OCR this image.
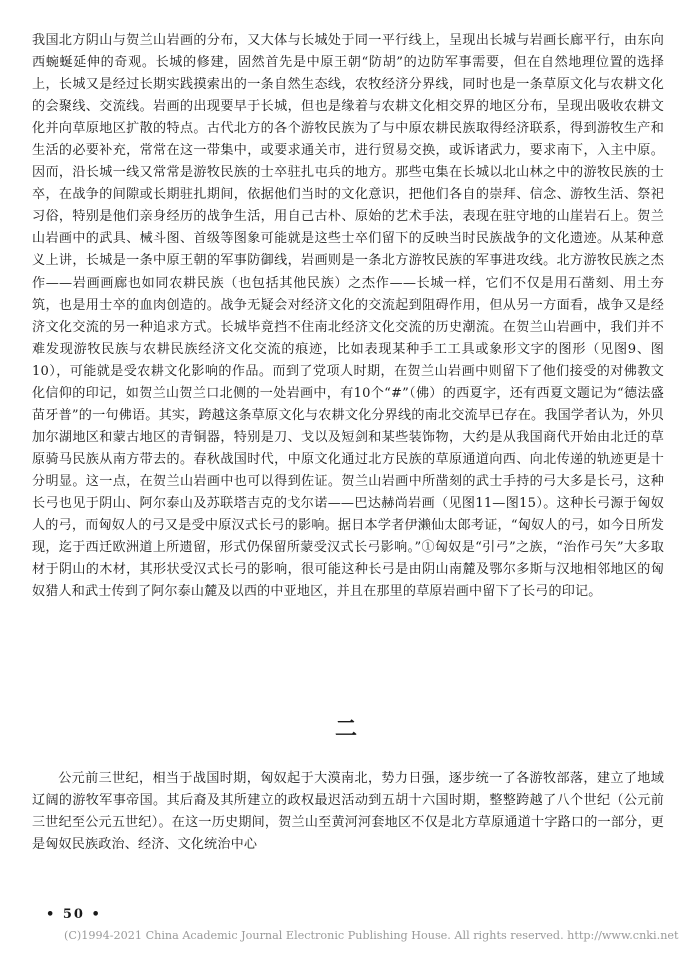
我国北方阴山与贺兰山岩画的分布，又大体与长城处于同一平行线上，呈现出长城与岩画长廊平行，由东向西蜿蜒延伸的奇观。长城的修建，固然首先是中原王朝“防胡”的边防军事需要，但在自然地理位置的选择上，长城又是经过长期实践摸索出的一条自然生态线，农牧经济分界线，同时也是一条草原文化与农耕文化的会聚线、交流线。岩画的出现要早于长城，但也是缘着与农耕文化相交界的地区分布，呈现出吸收农耕文化并向草原地区扩散的特点。古代北方的各个游牧民族为了与中原农耕民族取得经济联系，得到游牧生产和生活的必要补充，常常在这一带集中，或要求通关市，进行贸易交换，或诉诸武力，要求南下，入主中原。因而，沿长城一线又常常是游牧民族的士卒驻扎屯兵的地方。那些屯集在长城以北山林之中的游牧民族的士卒，在战争的间隙或长期驻扎期间，依据他们当时的文化意识，把他们各自的崇拜、信念、游牧生活、祭祀习俗，特别是他们亲身经历的战争生活，用自己古朴、原始的艺术手法，表现在驻守地的山崖岩石上。贺兰山岩画中的武具、械斗图、首级等图象可能就是这些士卒们留下的反映当时民族战争的文化遗迹。从某种意义上讲，长城是一条中原王朝的军事防御线，岩画则是一条北方游牧民族的军事进攻线。北方游牧民族之杰作——岩画画廊也如同农耕民族（也包括其他民族）之杰作——长城一样，它们不仅是用石凿刻、用土夯筑，也是用士卒的血肉创造的。战争无疑会对经济文化的交流起到阻碍作用，但从另一方面看，战争又是经济文化交流的另一种追求方式。长城毕竟挡不住南北经济文化交流的历史潮流。在贺兰山岩画中，我们并不难发现游牧民族与农耕民族经济文化交流的痕迹，比如表现某种手工工具或象形文字的图形（见图9、图10），可能就是受农耕文化影响的作品。而到了党项人时期，在贺兰山岩画中则留下了他们接受的对佛教文化信仰的印记，如贺兰山贺兰口北侧的一处岩画中，有10个“#”（佛）的西夏字，还有西夏文题记为“德法盛苗牙普”的一句佛语。其实，跨越这条草原文化与农耕文化分界线的南北交流早已存在。我国学者认为，外贝加尔湖地区和蒙古地区的青铜器，特别是刀、戈以及短剑和某些装饰物，大约是从我国商代开始由北迁的草原骑马民族从南方带去的。春秋战国时代，中原文化通过北方民族的草原通道向西、向北传递的轨迹更是十分明显。这一点，在贺兰山岩画中也可以得到佐证。贺兰山岩画中所凿刻的武士手持的弓大多是长弓，这种长弓也见于阴山、阿尔泰山及苏联塔吉克的戈尔诺——巴达赫尚岩画（见图11—图15）。这种长弓源于匈奴人的弓，而匈奴人的弓又是受中原汉式长弓的影响。据日本学者伊濑仙太郎考证，“匈奴人的弓，如今日所发现，迄于西迁欧洲道上所遗留，形式仍保留所蒙受汉式长弓影响。”①匈奴是“引弓”之族，“治作弓矢”大多取材于阴山的木材，其形状受汉式长弓的影响，很可能这种长弓是由阴山南麓及鄂尔多斯与汉地相邻地区的匈奴猎人和武士传到了阿尔泰山麓及以西的中亚地区，并且在那里的草原岩画中留下了长弓的印记。

二

公元前三世纪，相当于战国时期，匈奴起于大漠南北，势力日强，逐步统一了各游牧部落，建立了地域辽阔的游牧军事帝国。其后裔及其所建立的政权最迟活动到五胡十六国时期，整整跨越了八个世纪（公元前三世纪至公元五世纪）。在这一历史期间，贺兰山至黄河河套地区不仅是北方草原通道十字路口的一部分，更是匈奴民族政治、经济、文化统治中心

• 50 •
(C)1994-2021 China Academic Journal Electronic Publishing House. All rights reserved. http://www.cnki.net
